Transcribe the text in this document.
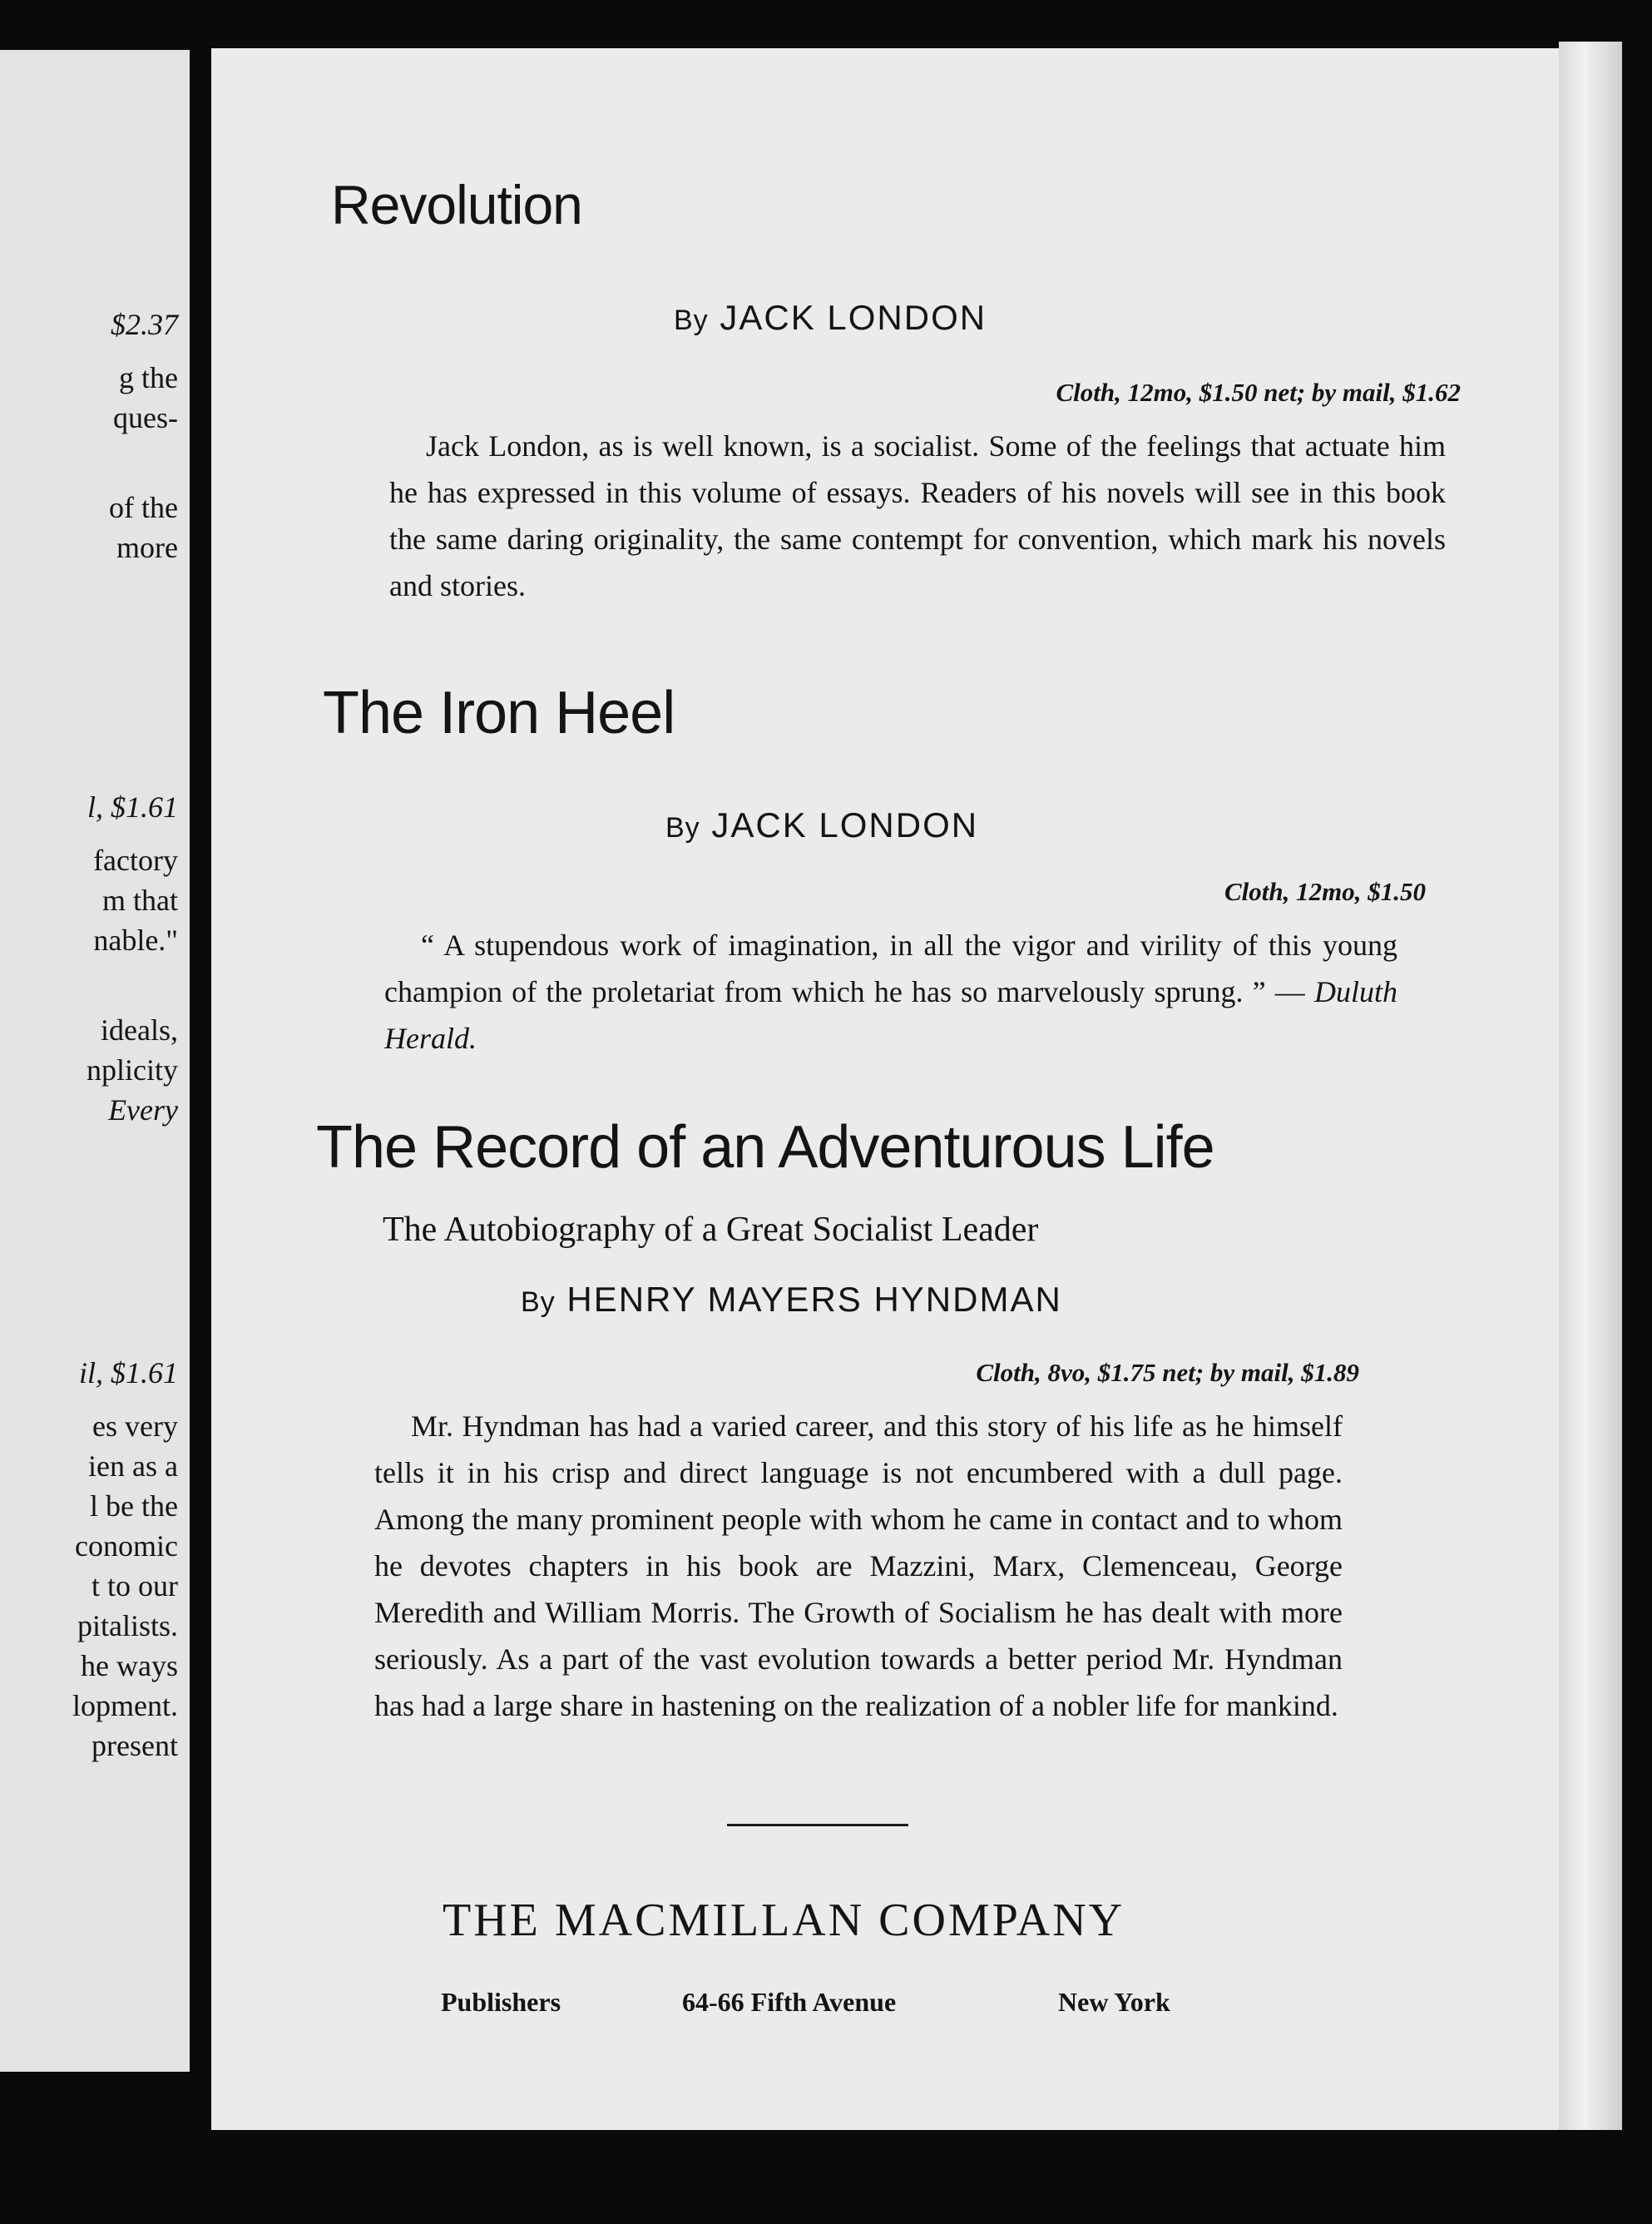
$2.37
g the
ques-
of the
more
l, $1.61
factory
m that
nable."
ideals,
nplicity
Every
il, $1.61
es very
ien as a
l be the
conomic
t to our
pitalists.
he ways
lopment.
present
Revolution
By JACK LONDON
Cloth, 12mo, $1.50 net; by mail, $1.62
Jack London, as is well known, is a socialist. Some of the feelings that actuate him he has expressed in this volume of essays. Readers of his novels will see in this book the same daring originality, the same contempt for convention, which mark his novels and stories.
The Iron Heel
By JACK LONDON
Cloth, 12mo, $1.50
“ A stupendous work of imagination, in all the vigor and virility of this young champion of the proletariat from which he has so marvelously sprung. ” — Duluth Herald.
The Record of an Adventurous Life
The Autobiography of a Great Socialist Leader
By HENRY MAYERS HYNDMAN
Cloth, 8vo, $1.75 net; by mail, $1.89
Mr. Hyndman has had a varied career, and this story of his life as he himself tells it in his crisp and direct language is not encumbered with a dull page. Among the many prominent people with whom he came in contact and to whom he devotes chapters in his book are Mazzini, Marx, Clemenceau, George Meredith and William Morris. The Growth of Socialism he has dealt with more seriously. As a part of the vast evolution towards a better period Mr. Hyndman has had a large share in hastening on the realization of a nobler life for mankind.
THE MACMILLAN COMPANY
Publishers	64-66 Fifth Avenue	New York
